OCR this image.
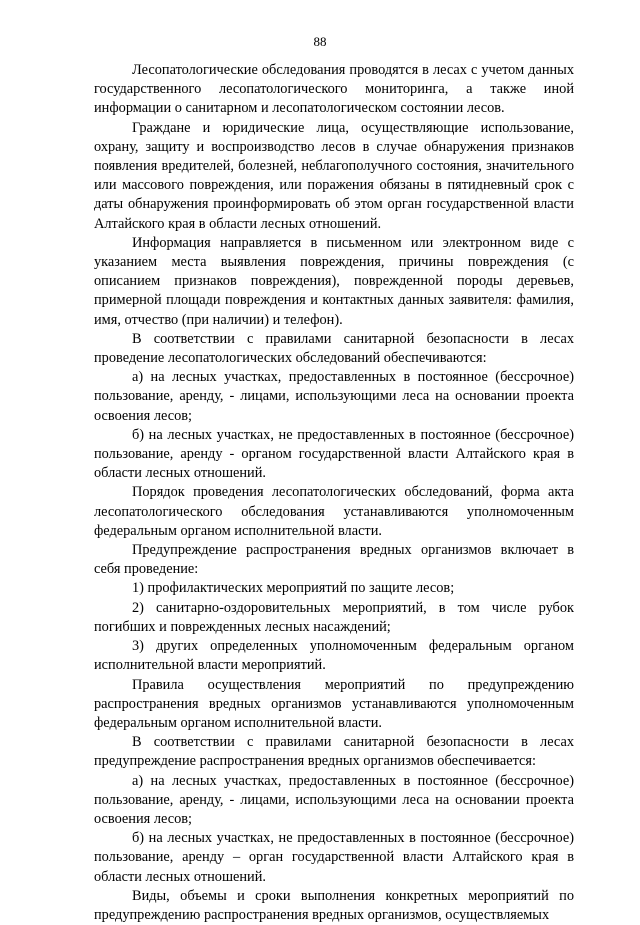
88

Лесопатологические обследования проводятся в лесах с учетом данных государственного лесопатологического мониторинга, а также иной информации о санитарном и лесопатологическом состоянии лесов.

Граждане и юридические лица, осуществляющие использование, охрану, защиту и воспроизводство лесов в случае обнаружения признаков появления вредителей, болезней, неблагополучного состояния, значительного или массового повреждения, или поражения обязаны в пятидневный срок с даты обнаружения проинформировать об этом орган государственной власти Алтайского края в области лесных отношений.

Информация направляется в письменном или электронном виде с указанием места выявления повреждения, причины повреждения (с описанием признаков повреждения), поврежденной породы деревьев, примерной площади повреждения и контактных данных заявителя: фамилия, имя, отчество (при наличии) и телефон).

В соответствии с правилами санитарной безопасности в лесах проведение лесопатологических обследований обеспечиваются:

а) на лесных участках, предоставленных в постоянное (бессрочное) пользование, аренду, - лицами, использующими леса на основании проекта освоения лесов;

б) на лесных участках, не предоставленных в постоянное (бессрочное) пользование, аренду - органом государственной власти Алтайского края в области лесных отношений.

Порядок проведения лесопатологических обследований, форма акта лесопатологического обследования устанавливаются уполномоченным федеральным органом исполнительной власти.

Предупреждение распространения вредных организмов включает в себя проведение:

1) профилактических мероприятий по защите лесов;

2) санитарно-оздоровительных мероприятий, в том числе рубок погибших и поврежденных лесных насаждений;

3) других определенных уполномоченным федеральным органом исполнительной власти мероприятий.

Правила осуществления мероприятий по предупреждению распространения вредных организмов устанавливаются уполномоченным федеральным органом исполнительной власти.

В соответствии с правилами санитарной безопасности в лесах предупреждение распространения вредных организмов обеспечивается:

а) на лесных участках, предоставленных в постоянное (бессрочное) пользование, аренду, - лицами, использующими леса на основании проекта освоения лесов;

б) на лесных участках, не предоставленных в постоянное (бессрочное) пользование, аренду – орган государственной власти Алтайского края в области лесных отношений.

Виды, объемы и сроки выполнения конкретных мероприятий по предупреждению распространения вредных организмов, осуществляемых
